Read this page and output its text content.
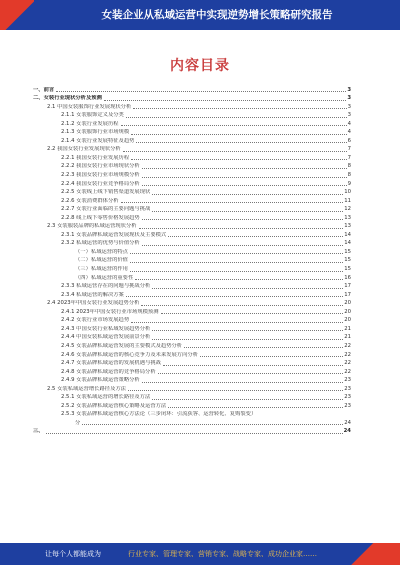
女装企业从私域运营中实现逆势增长策略研究报告
内容目录
一、前言	3
二、女装行业现状分析及预测	3
2.1 中国女装服饰行业发展现状分析	3
2.1.1 女装服饰定义及分类	3
2.1.2 女装行业发展历程	4
2.1.3 女装服饰行业市场规模	4
2.1.4 女装行业发展特征及趋势	6
2.2 我国女装行业发展现状分析	7
2.2.1 我国女装行业发展历程	7
2.2.2 我国女装行业市场现状分析	8
2.2.3 我国女装行业市场规模分析	8
2.2.4 我国女装行业竞争格局分析	9
2.2.5 女装线上线下销售渠道发展现状	10
2.2.6 女装消费群体分析	11
2.2.7 女装行业面临的主要问题与挑战	12
2.2.8 线上线下零售价格发展趋势	13
2.3 女装服装品牌的私域运营现状分析	13
2.3.1 女装品牌私域运营发展现状及主要模式	14
2.3.2 私域运营的优势与价值分析	14
（一）私域运营的特点	15
（二）私域运营的价值	15
（三）私域运营的作用	15
（四）私域运营的重要性	16
2.3.3 私域运营存在的问题与挑战分析	17
2.3.4 私域运营的解决方案	17
2.4 2023年中国女装行业发展趋势分析	20
2.4.1 2023年中国女装行业市场规模预测	20
2.4.2 女装行业市场发展趋势	20
2.4.3 中国女装行业私域发展趋势分析	21
2.4.4 中国女装私域运营发展前景分析	21
2.4.5 女装品牌私域运营发展的主要模式及趋势分析	22
2.4.6 女装品牌私域运营的核心竞争力及未来发展方向分析	22
2.4.7 女装品牌私域运营的发展机遇与挑战	22
2.4.8 女装品牌私域运营的竞争格局分析	22
2.4.9 女装品牌私域运营策略分析	23
2.5 女装私域运营增长路径及方法	23
2.5.1 女装私域运营的增长路径及方法	23
2.5.2 女装品牌私域运营核心策略及运营方法	23
2.5.3 女装品牌私域运营核心方法论（三步闭环：引流获客、运营转化、复购裂变）
分	24
三、	24
让每个人都能成为	行业专家、管理专家、营销专家、战略专家、成功企业家……
